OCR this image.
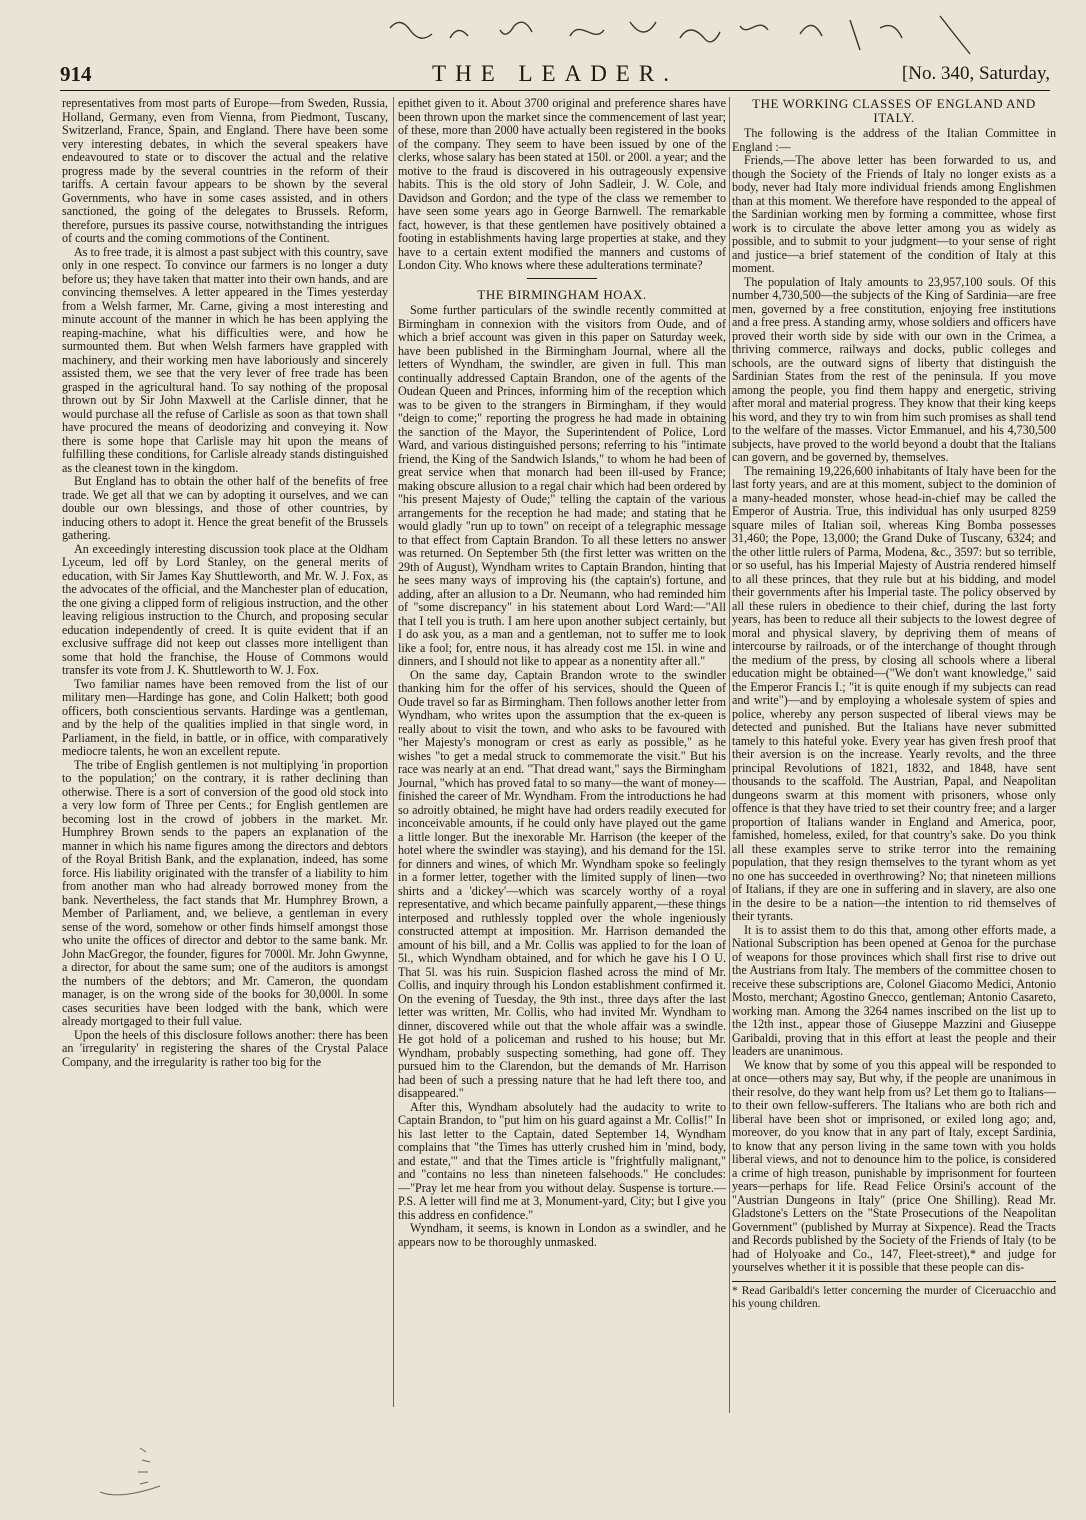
914	THE LEADER.	[No. 340, Saturday,

representatives from most parts of Europe—from Sweden, Russia, Holland, Germany, even from Vienna, from Piedmont, Tuscany, Switzerland, France, Spain, and England. There have been some very interesting debates, in which the several speakers have endeavoured to state or to discover the actual and the relative progress made by the several countries in the reform of their tariffs. A certain favour appears to be shown by the several Governments, who have in some cases assisted, and in others sanctioned, the going of the delegates to Brussels. Reform, therefore, pursues its passive course, notwithstanding the intrigues of courts and the coming commotions of the Continent.

As to free trade, it is almost a past subject with this country, save only in one respect. To convince our farmers is no longer a duty before us; they have taken that matter into their own hands, and are convincing themselves. A letter appeared in the Times yesterday from a Welsh farmer, Mr. Carne, giving a most interesting and minute account of the manner in which he has been applying the reaping-machine, what his difficulties were, and how he surmounted them. But when Welsh farmers have grappled with machinery, and their working men have laboriously and sincerely assisted them, we see that the very lever of free trade has been grasped in the agricultural hand. To say nothing of the proposal thrown out by Sir John Maxwell at the Carlisle dinner, that he would purchase all the refuse of Carlisle as soon as that town shall have procured the means of deodorizing and conveying it. Now there is some hope that Carlisle may hit upon the means of fulfilling these conditions, for Carlisle already stands distinguished as the cleanest town in the kingdom.

But England has to obtain the other half of the benefits of free trade. We get all that we can by adopting it ourselves, and we can double our own blessings, and those of other countries, by inducing others to adopt it. Hence the great benefit of the Brussels gathering.

An exceedingly interesting discussion took place at the Oldham Lyceum, led off by Lord Stanley, on the general merits of education, with Sir James Kay Shuttleworth, and Mr. W. J. Fox, as the advocates of the official, and the Manchester plan of education, the one giving a clipped form of religious instruction, and the other leaving religious instruction to the Church, and proposing secular education independently of creed. It is quite evident that if an exclusive suffrage did not keep out classes more intelligent than some that hold the franchise, the House of Commons would transfer its vote from J. K. Shuttleworth to W. J. Fox.

Two familiar names have been removed from the list of our military men—Hardinge has gone, and Colin Halkett; both good officers, both conscientious servants. Hardinge was a gentleman, and by the help of the qualities implied in that single word, in Parliament, in the field, in battle, or in office, with comparatively mediocre talents, he won an excellent repute.

The tribe of English gentlemen is not multiplying 'in proportion to the population;' on the contrary, it is rather declining than otherwise. There is a sort of conversion of the good old stock into a very low form of Three per Cents.; for English gentlemen are becoming lost in the crowd of jobbers in the market. Mr. Humphrey Brown sends to the papers an explanation of the manner in which his name figures among the directors and debtors of the Royal British Bank, and the explanation, indeed, has some force. His liability originated with the transfer of a liability to him from another man who had already borrowed money from the bank. Nevertheless, the fact stands that Mr. Humphrey Brown, a Member of Parliament, and, we believe, a gentleman in every sense of the word, somehow or other finds himself amongst those who unite the offices of director and debtor to the same bank. Mr. John MacGregor, the founder, figures for 7000l. Mr. John Gwynne, a director, for about the same sum; one of the auditors is amongst the numbers of the debtors; and Mr. Cameron, the quondam manager, is on the wrong side of the books for 30,000l. In some cases securities have been lodged with the bank, which were already mortgaged to their full value.

Upon the heels of this disclosure follows another: there has been an 'irregularity' in registering the shares of the Crystal Palace Company, and the irregularity is rather too big for the

epithet given to it. About 3700 original and preference shares have been thrown upon the market since the commencement of last year; of these, more than 2000 have actually been registered in the books of the company. They seem to have been issued by one of the clerks, whose salary has been stated at 150l. or 200l. a year; and the motive to the fraud is discovered in his outrageously expensive habits. This is the old story of John Sadleir, J. W. Cole, and Davidson and Gordon; and the type of the class we remember to have seen some years ago in George Barnwell. The remarkable fact, however, is that these gentlemen have positively obtained a footing in establishments having large properties at stake, and they have to a certain extent modified the manners and customs of London City. Who knows where these adulterations terminate?

THE BIRMINGHAM HOAX.

Some further particulars of the swindle recently committed at Birmingham in connexion with the visitors from Oude, and of which a brief account was given in this paper on Saturday week, have been published in the Birmingham Journal, where all the letters of Wyndham, the swindler, are given in full. This man continually addressed Captain Brandon, one of the agents of the Oudean Queen and Princes, informing him of the reception which was to be given to the strangers in Birmingham, if they would "deign to come;" reporting the progress he had made in obtaining the sanction of the Mayor, the Superintendent of Police, Lord Ward, and various distinguished persons; referring to his "intimate friend, the King of the Sandwich Islands," to whom he had been of great service when that monarch had been ill-used by France; making obscure allusion to a regal chair which had been ordered by "his present Majesty of Oude;" telling the captain of the various arrangements for the reception he had made; and stating that he would gladly "run up to town" on receipt of a telegraphic message to that effect from Captain Brandon. To all these letters no answer was returned. On September 5th (the first letter was written on the 29th of August), Wyndham writes to Captain Brandon, hinting that he sees many ways of improving his (the captain's) fortune, and adding, after an allusion to a Dr. Neumann, who had reminded him of "some discrepancy" in his statement about Lord Ward:—"All that I tell you is truth. I am here upon another subject certainly, but I do ask you, as a man and a gentleman, not to suffer me to look like a fool; for, entre nous, it has already cost me 15l. in wine and dinners, and I should not like to appear as a nonentity after all."

On the same day, Captain Brandon wrote to the swindler thanking him for the offer of his services, should the Queen of Oude travel so far as Birmingham. Then follows another letter from Wyndham, who writes upon the assumption that the ex-queen is really about to visit the town, and who asks to be favoured with "her Majesty's monogram or crest as early as possible," as he wishes "to get a medal struck to commemorate the visit." But his race was nearly at an end. "That dread want," says the Birmingham Journal, "which has proved fatal to so many—the want of money—finished the career of Mr. Wyndham. From the introductions he had so adroitly obtained, he might have had orders readily executed for inconceivable amounts, if he could only have played out the game a little longer. But the inexorable Mr. Harrison (the keeper of the hotel where the swindler was staying), and his demand for the 15l. for dinners and wines, of which Mr. Wyndham spoke so feelingly in a former letter, together with the limited supply of linen—two shirts and a 'dickey'—which was scarcely worthy of a royal representative, and which became painfully apparent,—these things interposed and ruthlessly toppled over the whole ingeniously constructed attempt at imposition. Mr. Harrison demanded the amount of his bill, and a Mr. Collis was applied to for the loan of 5l., which Wyndham obtained, and for which he gave his I O U. That 5l. was his ruin. Suspicion flashed across the mind of Mr. Collis, and inquiry through his London establishment confirmed it. On the evening of Tuesday, the 9th inst., three days after the last letter was written, Mr. Collis, who had invited Mr. Wyndham to dinner, discovered while out that the whole affair was a swindle. He got hold of a policeman and rushed to his house; but Mr. Wyndham, probably suspecting something, had gone off. They pursued him to the Clarendon, but the demands of Mr. Harrison had been of such a pressing nature that he had left there too, and disappeared."

After this, Wyndham absolutely had the audacity to write to Captain Brandon, to "put him on his guard against a Mr. Collis!" In his last letter to the Captain, dated September 14, Wyndham complains that "the Times has utterly crushed him in 'mind, body, and estate,'" and that the Times article is "frightfully malignant," and "contains no less than nineteen falsehoods." He concludes:—"Pray let me hear from you without delay. Suspense is torture.—P.S. A letter will find me at 3, Monument-yard, City; but I give you this address en confidence."

Wyndham, it seems, is known in London as a swindler, and he appears now to be thoroughly unmasked.

THE WORKING CLASSES OF ENGLAND AND ITALY.

The following is the address of the Italian Committee in England :—

Friends,—The above letter has been forwarded to us, and though the Society of the Friends of Italy no longer exists as a body, never had Italy more individual friends among Englishmen than at this moment. We therefore have responded to the appeal of the Sardinian working men by forming a committee, whose first work is to circulate the above letter among you as widely as possible, and to submit to your judgment—to your sense of right and justice—a brief statement of the condition of Italy at this moment.

The population of Italy amounts to 23,957,100 souls. Of this number 4,730,500—the subjects of the King of Sardinia—are free men, governed by a free constitution, enjoying free institutions and a free press. A standing army, whose soldiers and officers have proved their worth side by side with our own in the Crimea, a thriving commerce, railways and docks, public colleges and schools, are the outward signs of liberty that distinguish the Sardinian States from the rest of the peninsula. If you move among the people, you find them happy and energetic, striving after moral and material progress. They know that their king keeps his word, and they try to win from him such promises as shall tend to the welfare of the masses. Victor Emmanuel, and his 4,730,500 subjects, have proved to the world beyond a doubt that the Italians can govern, and be governed by, themselves.

The remaining 19,226,600 inhabitants of Italy have been for the last forty years, and are at this moment, subject to the dominion of a many-headed monster, whose head-in-chief may be called the Emperor of Austria. True, this individual has only usurped 8259 square miles of Italian soil, whereas King Bomba possesses 31,460; the Pope, 13,000; the Grand Duke of Tuscany, 6324; and the other little rulers of Parma, Modena, &c., 3597: but so terrible, or so useful, has his Imperial Majesty of Austria rendered himself to all these princes, that they rule but at his bidding, and model their governments after his Imperial taste. The policy observed by all these rulers in obedience to their chief, during the last forty years, has been to reduce all their subjects to the lowest degree of moral and physical slavery, by depriving them of means of intercourse by railroads, or of the interchange of thought through the medium of the press, by closing all schools where a liberal education might be obtained—("We don't want knowledge," said the Emperor Francis I.; "it is quite enough if my subjects can read and write")—and by employing a wholesale system of spies and police, whereby any person suspected of liberal views may be detected and punished. But the Italians have never submitted tamely to this hateful yoke. Every year has given fresh proof that their aversion is on the increase. Yearly revolts, and the three principal Revolutions of 1821, 1832, and 1848, have sent thousands to the scaffold. The Austrian, Papal, and Neapolitan dungeons swarm at this moment with prisoners, whose only offence is that they have tried to set their country free; and a larger proportion of Italians wander in England and America, poor, famished, homeless, exiled, for that country's sake. Do you think all these examples serve to strike terror into the remaining population, that they resign themselves to the tyrant whom as yet no one has succeeded in overthrowing? No; that nineteen millions of Italians, if they are one in suffering and in slavery, are also one in the desire to be a nation—the intention to rid themselves of their tyrants.

It is to assist them to do this that, among other efforts made, a National Subscription has been opened at Genoa for the purchase of weapons for those provinces which shall first rise to drive out the Austrians from Italy. The members of the committee chosen to receive these subscriptions are, Colonel Giacomo Medici, Antonio Mosto, merchant; Agostino Gnecco, gentleman; Antonio Casareto, working man. Among the 3264 names inscribed on the list up to the 12th inst., appear those of Giuseppe Mazzini and Giuseppe Garibaldi, proving that in this effort at least the people and their leaders are unanimous.

We know that by some of you this appeal will be responded to at once—others may say, But why, if the people are unanimous in their resolve, do they want help from us? Let them go to Italians—to their own fellow-sufferers. The Italians who are both rich and liberal have been shot or imprisoned, or exiled long ago; and, moreover, do you know that in any part of Italy, except Sardinia, to know that any person living in the same town with you holds liberal views, and not to denounce him to the police, is considered a crime of high treason, punishable by imprisonment for fourteen years—perhaps for life. Read Felice Orsini's account of the "Austrian Dungeons in Italy" (price One Shilling). Read Mr. Gladstone's Letters on the "State Prosecutions of the Neapolitan Government" (published by Murray at Sixpence). Read the Tracts and Records published by the Society of the Friends of Italy (to be had of Holyoake and Co., 147, Fleet-street),* and judge for yourselves whether it it is possible that these people can dis-

* Read Garibaldi's letter concerning the murder of Ciceruacchio and his young children.
